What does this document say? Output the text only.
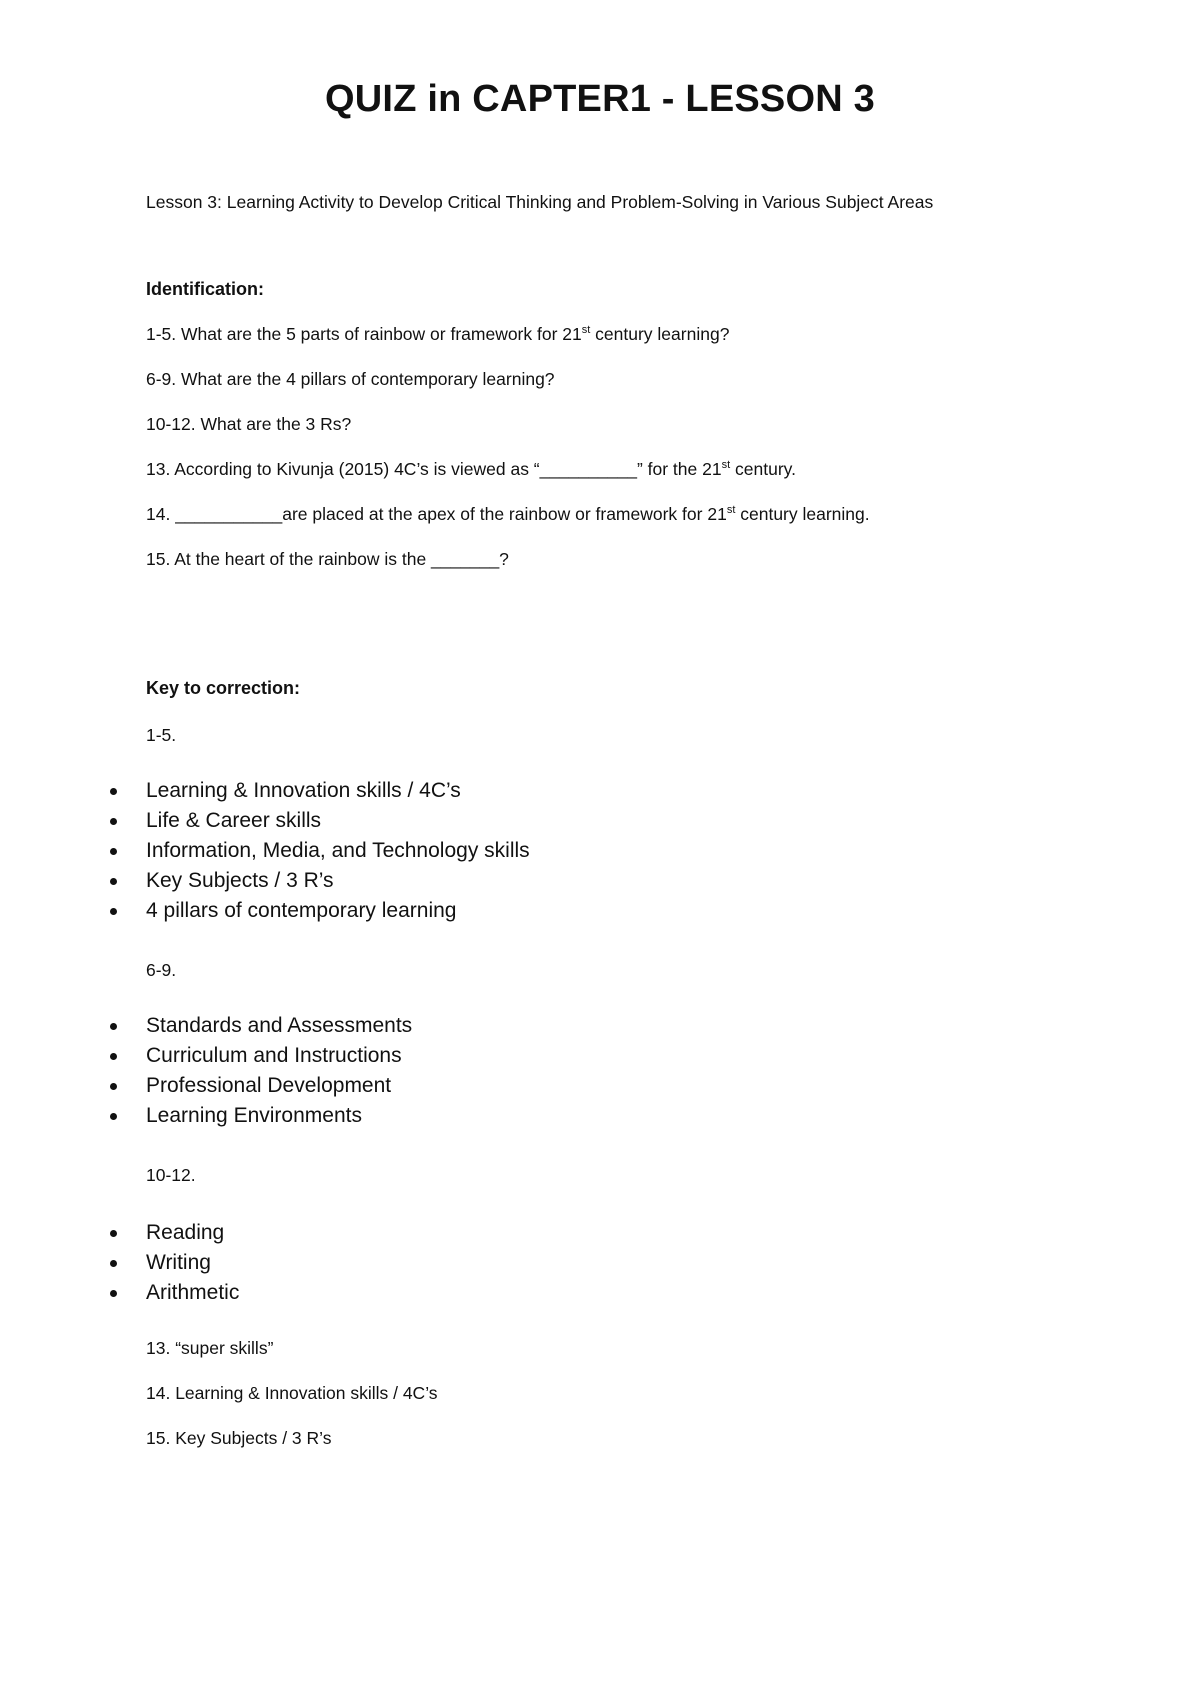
QUIZ in CAPTER1 - LESSON 3
Lesson 3: Learning Activity to Develop Critical Thinking and Problem-Solving in Various Subject Areas
Identification:
1-5. What are the 5 parts of rainbow or framework for 21st century learning?
6-9. What are the 4 pillars of contemporary learning?
10-12. What are the 3 Rs?
13. According to Kivunja (2015) 4C’s is viewed as “__________” for the 21st century.
14. ___________are placed at the apex of the rainbow or framework for 21st century learning.
15. At the heart of the rainbow is the _______?
Key to correction:
1-5.
Learning & Innovation skills / 4C’s
Life & Career skills
Information, Media, and Technology skills
Key Subjects / 3 R’s
4 pillars of contemporary learning
6-9.
Standards and Assessments
Curriculum and Instructions
Professional Development
Learning Environments
10-12.
Reading
Writing
Arithmetic
13. “super skills”
14. Learning & Innovation skills / 4C’s
15. Key Subjects / 3 R’s
